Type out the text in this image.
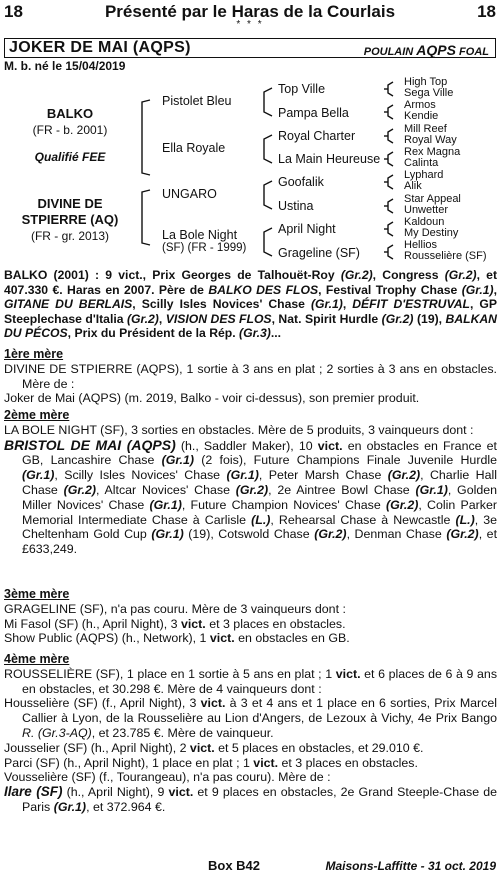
18	Présenté par le Haras de la Courlais	18
* * *
JOKER DE MAI (AQPS)	POULAIN AQPS FOAL
M. b. né le 15/04/2019
BALKO
(FR - b. 2001)
Qualifié FEE
DIVINE DE
STPIERRE (AQ)
(FR - gr. 2013)
Pistolet Bleu
Ella Royale
UNGARO
La Bole Night
(SF) (FR - 1999)
Top Ville
Pampa Bella
Royal Charter
La Main Heureuse
Goofalik
Ustina
April Night
Grageline (SF)
High Top
Sega Ville
Armos
Kendie
Mill Reef
Royal Way
Rex Magna
Calinta
Lyphard
Alik
Star Appeal
Unwetter
Kaldoun
My Destiny
Hellios
Rousselière (SF)
BALKO (2001) : 9 vict., Prix Georges de Talhouët-Roy (Gr.2), Congress (Gr.2), et 407.330 €. Haras en 2007. Père de BALKO DES FLOS, Festival Trophy Chase (Gr.1), GITANE DU BERLAIS, Scilly Isles Novices' Chase (Gr.1), DÉFIT D'ESTRUVAL, GP Steeplechase d'Italia (Gr.2), VISION DES FLOS, Nat. Spirit Hurdle (Gr.2) (19), BALKAN DU PÉCOS, Prix du Président de la Rép. (Gr.3)...

1ère mère

DIVINE DE STPIERRE (AQPS), 1 sortie à 3 ans en plat ; 2 sorties à 3 ans en obstacles. Mère de :

Joker de Mai (AQPS) (m. 2019, Balko - voir ci-dessus), son premier produit.

2ème mère

LA BOLE NIGHT (SF), 3 sorties en obstacles. Mère de 5 produits, 3 vainqueurs dont :

BRISTOL DE MAI (AQPS) (h., Saddler Maker), 10 vict. en obstacles en France et GB, Lancashire Chase (Gr.1) (2 fois), Future Champions Finale Juvenile Hurdle (Gr.1), Scilly Isles Novices' Chase (Gr.1), Peter Marsh Chase (Gr.2), Charlie Hall Chase (Gr.2), Altcar Novices' Chase (Gr.2), 2e Aintree Bowl Chase (Gr.1), Golden Miller Novices' Chase (Gr.1), Future Champion Novices' Chase (Gr.2), Colin Parker Memorial Intermediate Chase à Carlisle (L.), Rehearsal Chase à Newcastle (L.), 3e Cheltenham Gold Cup (Gr.1) (19), Cotswold Chase (Gr.2), Denman Chase (Gr.2), et £633,249.

3ème mère

GRAGELINE (SF), n'a pas couru. Mère de 3 vainqueurs dont :

Mi Fasol (SF) (h., April Night), 3 vict. et 3 places en obstacles.

Show Public (AQPS) (h., Network), 1 vict. en obstacles en GB.

4ème mère

ROUSSELIÈRE (SF), 1 place en 1 sortie à 5 ans en plat ; 1 vict. et 6 places de 6 à 9 ans en obstacles, et 30.298 €. Mère de 4 vainqueurs dont :

Housselière (SF) (f., April Night), 3 vict. à 3 et 4 ans et 1 place en 6 sorties, Prix Marcel Callier à Lyon, de la Rousselière au Lion d'Angers, de Lezoux à Vichy, 4e Prix Bango R. (Gr.3-AQ), et 23.785 €. Mère de vainqueur.

Jousselier (SF) (h., April Night), 2 vict. et 5 places en obstacles, et 29.010 €.

Parci (SF) (h., April Night), 1 place en plat ; 1 vict. et 3 places en obstacles.

Vousselière (SF) (f., Tourangeau), n'a pas couru). Mère de :

Ilare (SF) (h., April Night), 9 vict. et 9 places en obstacles, 2e Grand Steeple-Chase de Paris (Gr.1), et 372.964 €.

Box B42	Maisons-Laffitte - 31 oct. 2019
